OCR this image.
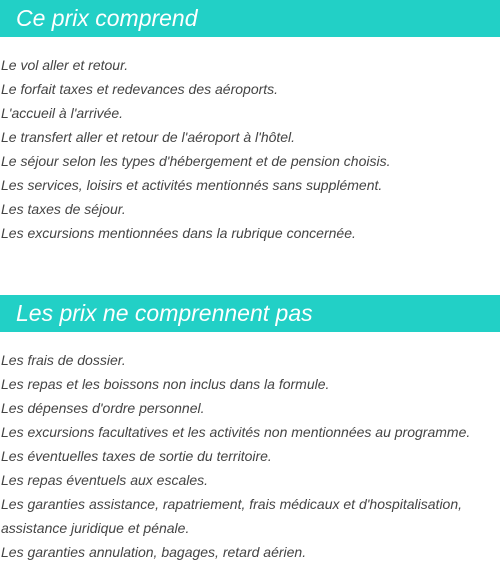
Ce prix comprend
Le vol aller et retour.
Le forfait taxes et redevances des aéroports.
L'accueil à l'arrivée.
Le transfert aller et retour de l'aéroport à l'hôtel.
Le séjour selon les types d'hébergement et de pension choisis.
Les services, loisirs et activités mentionnés sans supplément.
Les taxes de séjour.
Les excursions mentionnées dans la rubrique concernée.
Les prix ne comprennent pas
Les frais de dossier.
Les repas et les boissons non inclus dans la formule.
Les dépenses d'ordre personnel.
Les excursions facultatives et les activités non mentionnées au programme.
Les éventuelles taxes de sortie du territoire.
Les repas éventuels aux escales.
Les garanties assistance, rapatriement, frais médicaux et d'hospitalisation,
assistance juridique et pénale.
Les garanties annulation, bagages, retard aérien.
